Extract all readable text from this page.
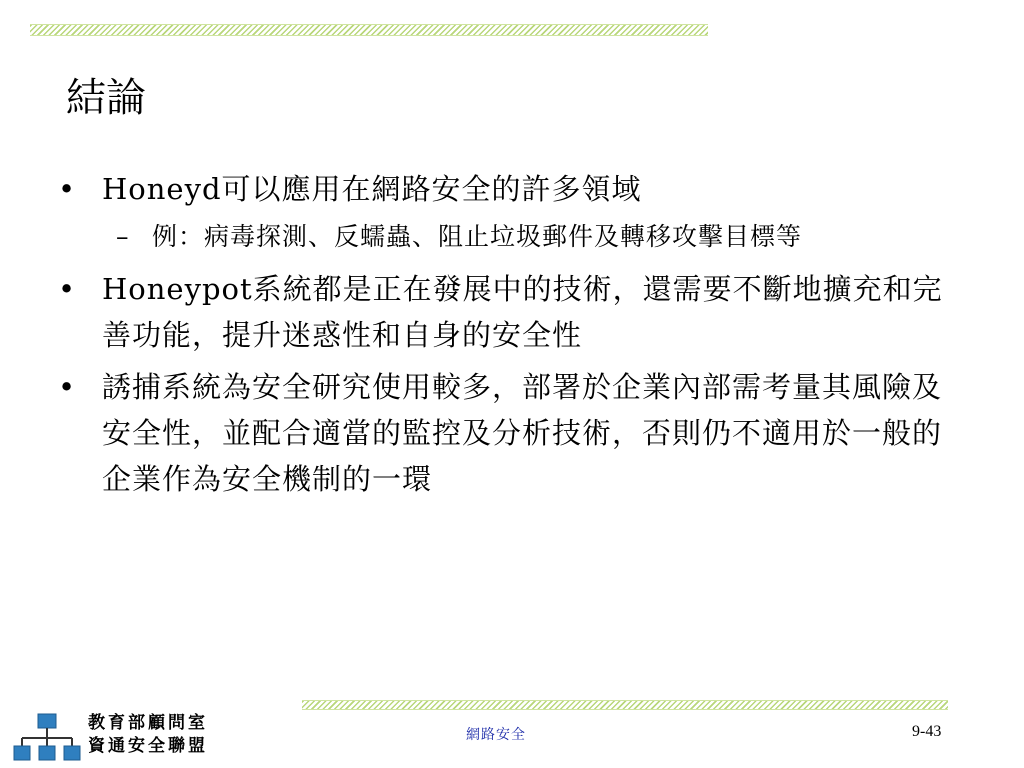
結論
• Honeyd可以應用在網路安全的許多領域
– 例：病毒探測、反蠕蟲、阻止垃圾郵件及轉移攻擊目標等
• Honeypot系統都是正在發展中的技術，還需要不斷地擴充和完善功能，提升迷惑性和自身的安全性
• 誘捕系統為安全研究使用較多，部署於企業內部需考量其風險及安全性，並配合適當的監控及分析技術，否則仍不適用於一般的企業作為安全機制的一環
教育部顧問室
資通安全聯盟
網路安全	9-43
